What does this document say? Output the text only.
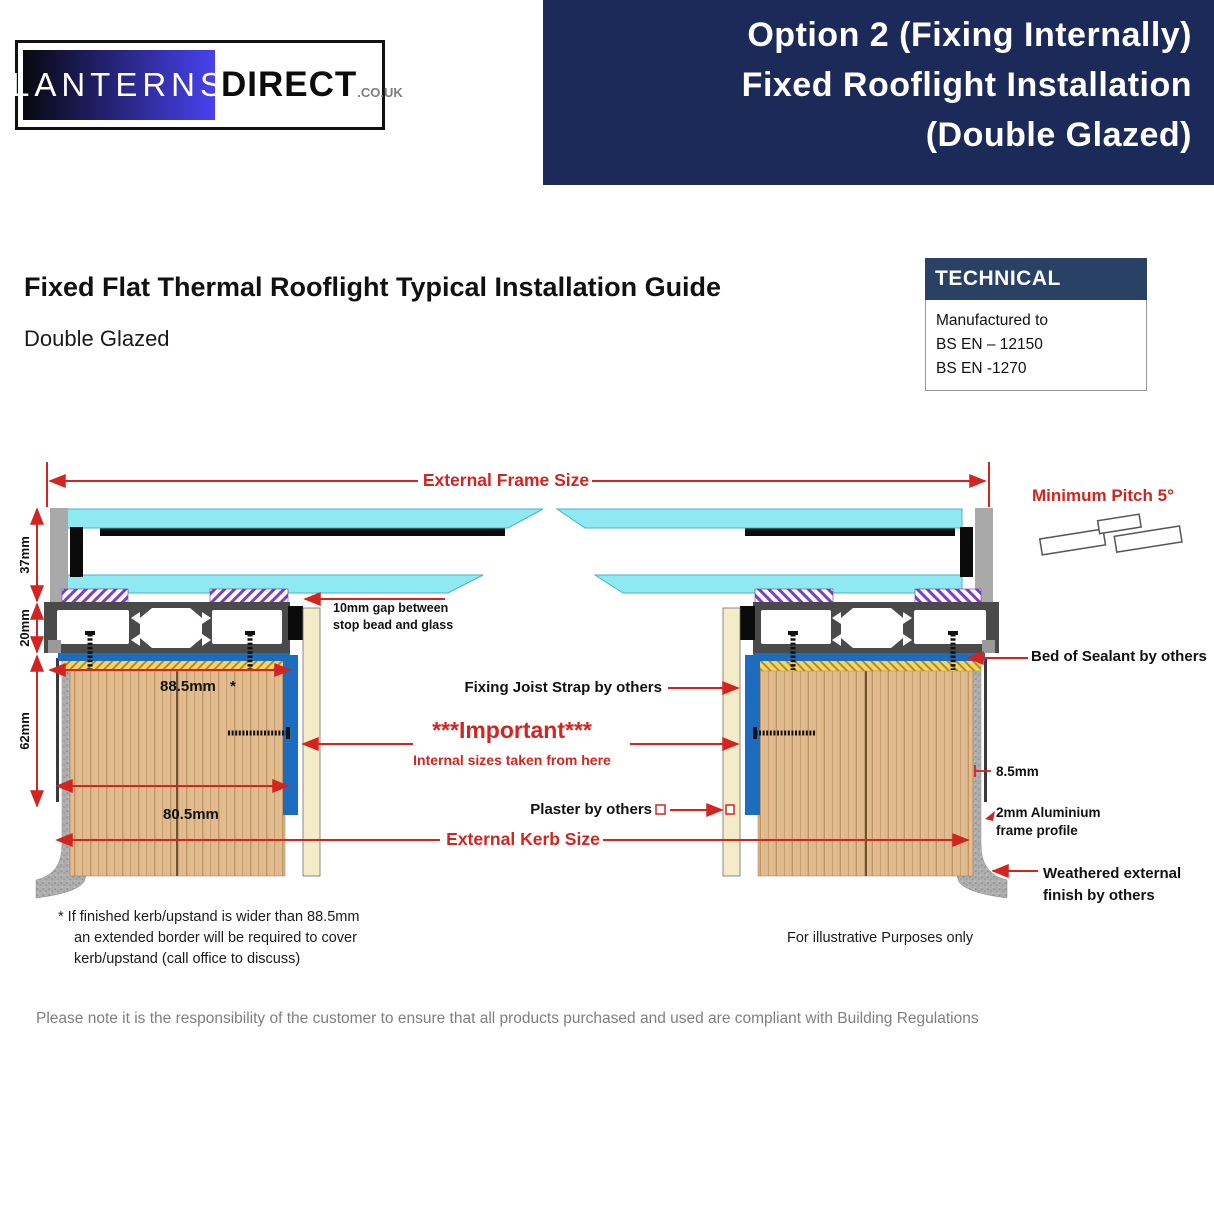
LANTERNS
DIRECT .CO.UK
Option 2 (Fixing Internally)
Fixed Rooflight Installation
(Double Glazed)
Fixed Flat Thermal Rooflight Typical Installation Guide
Double Glazed
TECHNICAL
Manufactured to
BS EN – 12150
BS EN -1270
External Frame Size
Minimum Pitch 5°
37mm
20mm
62mm
10mm gap between
stop bead and glass
88.5mm *
80.5mm
Fixing Joist Strap by others
***Important***
Internal sizes taken from here
Plaster by others
External Kerb Size
Bed of Sealant by others
8.5mm
2mm Aluminium
frame profile
Weathered external
finish by others
* If finished kerb/upstand is wider than 88.5mm
an extended border will be required to cover
kerb/upstand (call office to discuss)
For illustrative Purposes only
Please note it is the responsibility of the customer to ensure that all products purchased and used are compliant with Building Regulations
